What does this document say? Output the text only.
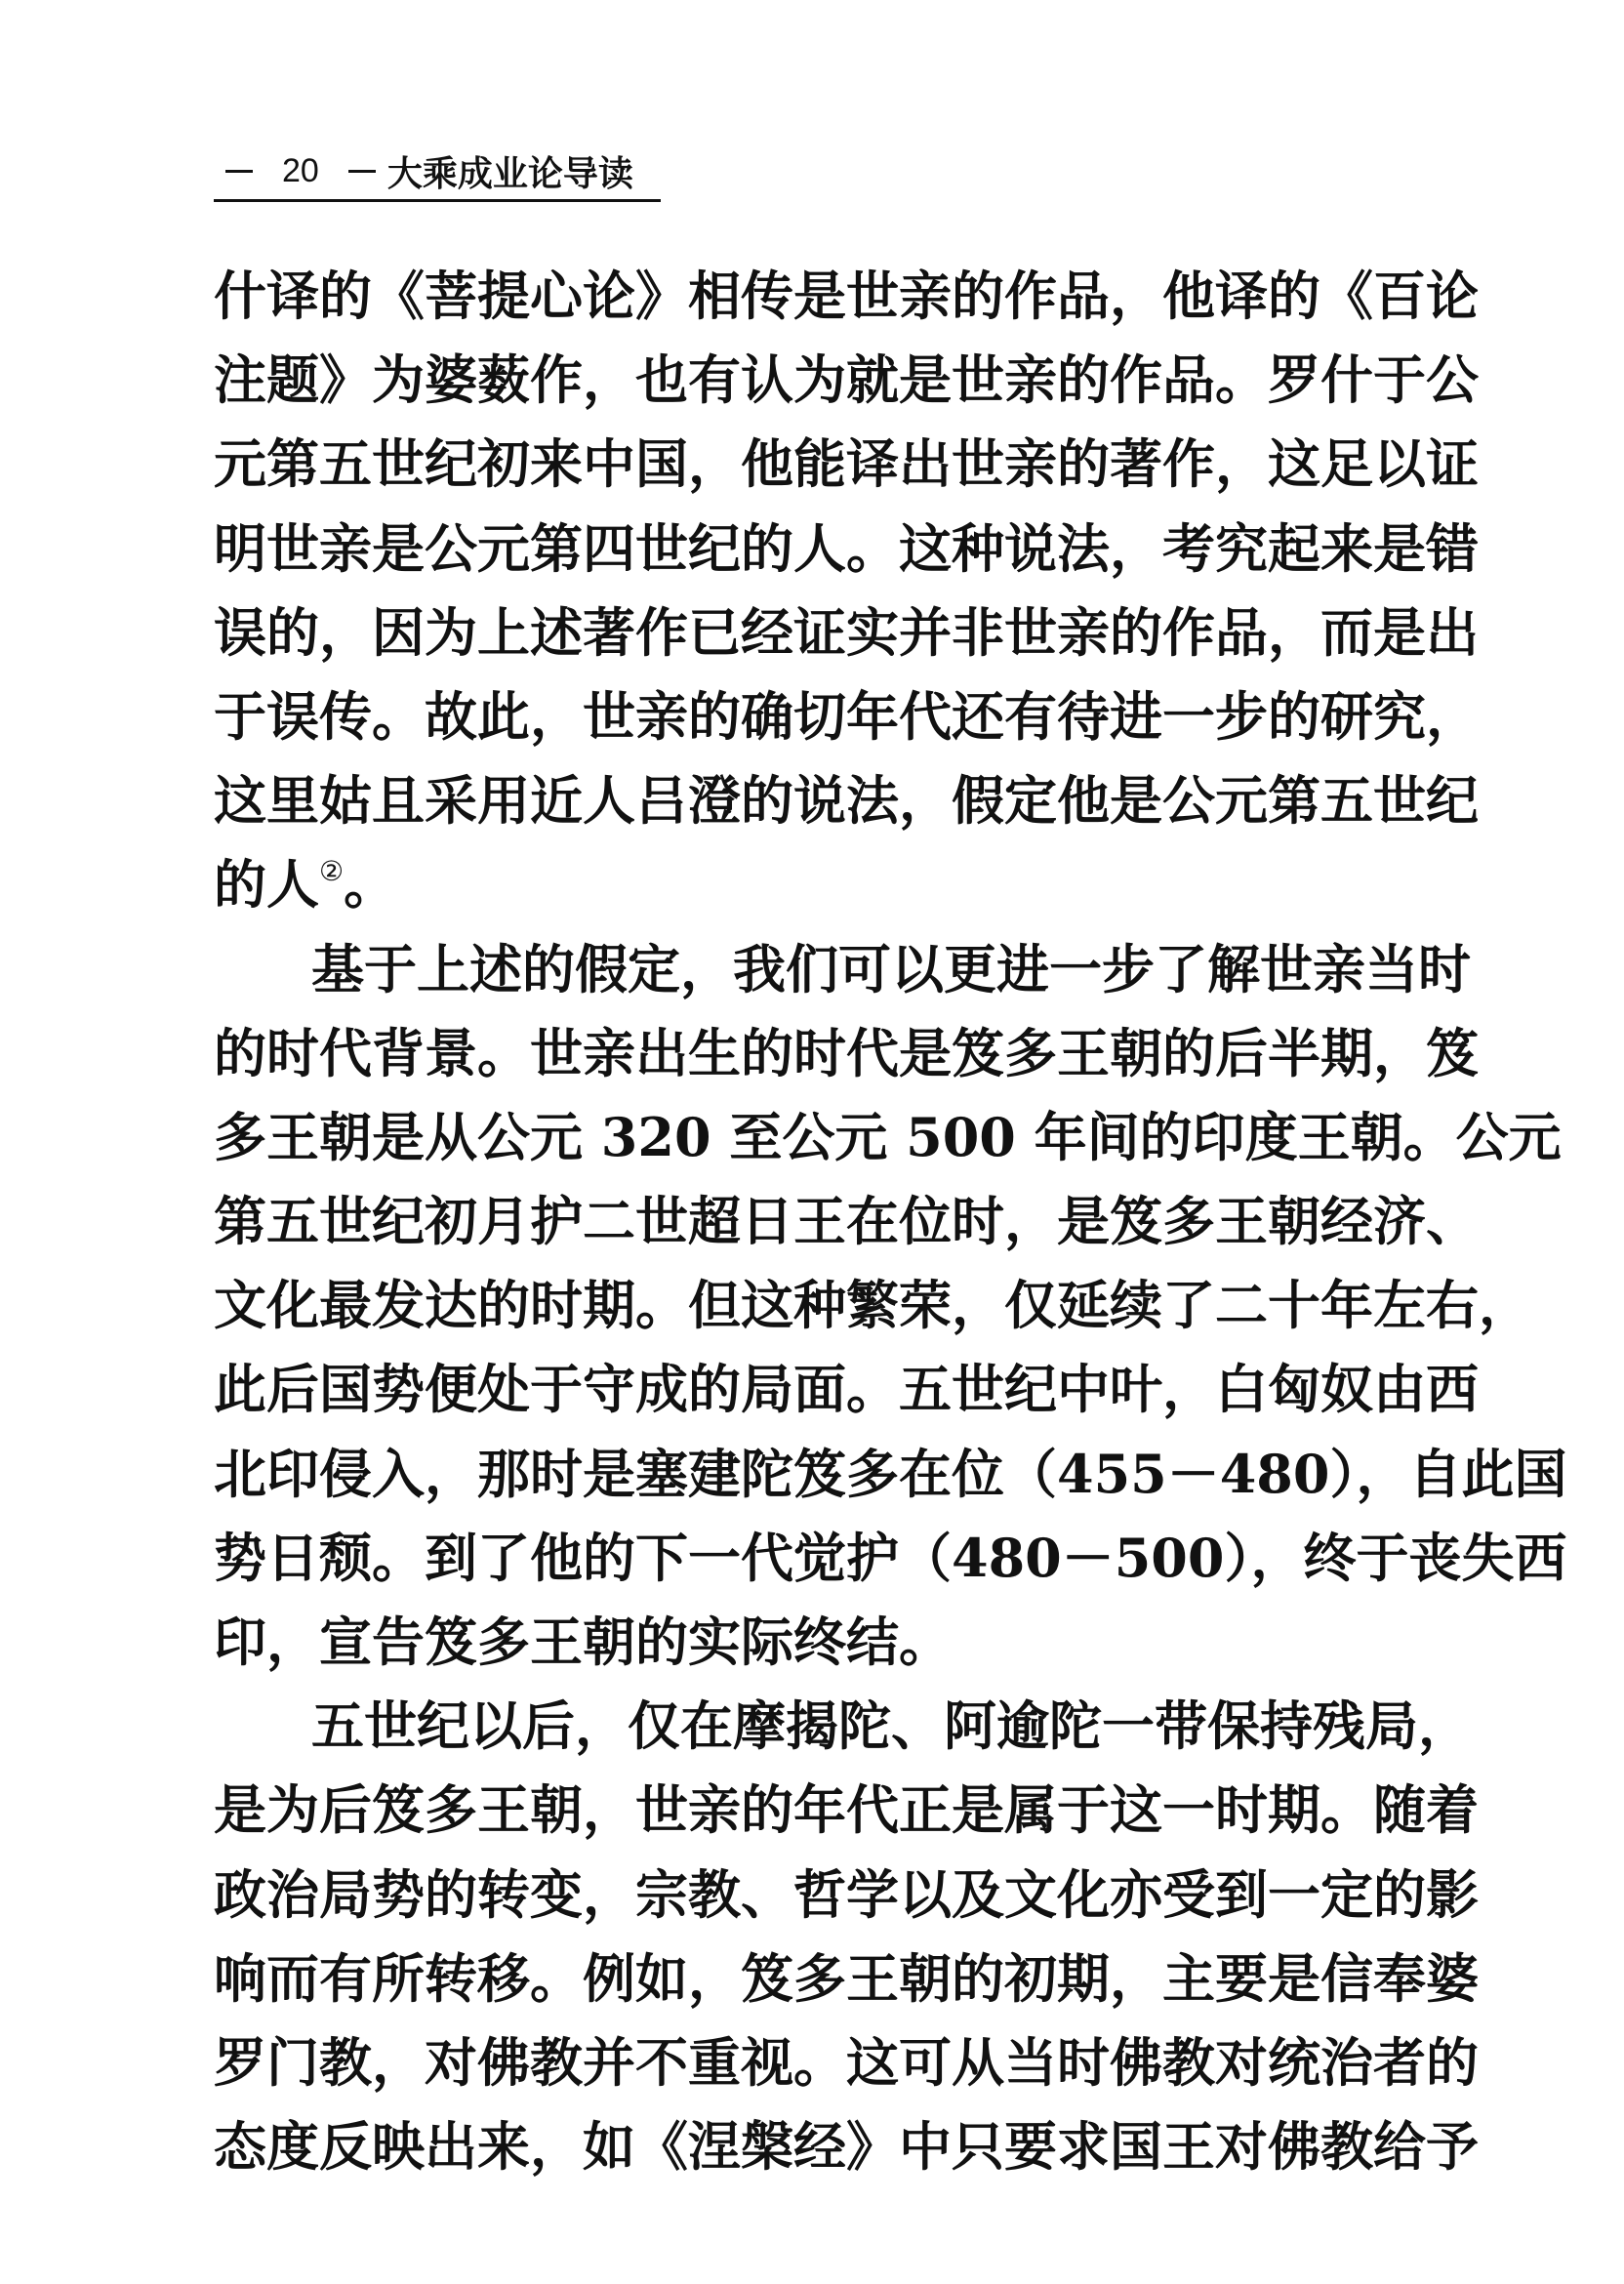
20 大乘成业论导读
什译的《菩提心论》相传是世亲的作品，他译的《百论
注题》为婆薮作，也有认为就是世亲的作品。罗什于公
元第五世纪初来中国，他能译出世亲的著作，这足以证
明世亲是公元第四世纪的人。这种说法，考究起来是错
误的，因为上述著作已经证实并非世亲的作品，而是出
于误传。故此，世亲的确切年代还有待进一步的研究，
这里姑且采用近人吕澄的说法，假定他是公元第五世纪
的人②。
基于上述的假定，我们可以更进一步了解世亲当时
的时代背景。世亲出生的时代是笈多王朝的后半期，笈
多王朝是从公元 320 至公元 500 年间的印度王朝。公元
第五世纪初月护二世超日王在位时，是笈多王朝经济、
文化最发达的时期。但这种繁荣，仅延续了二十年左右，
此后国势便处于守成的局面。五世纪中叶，白匈奴由西
北印侵入，那时是塞建陀笈多在位（455－480），自此国
势日颓。到了他的下一代觉护（480－500），终于丧失西
印，宣告笈多王朝的实际终结。
五世纪以后，仅在摩揭陀、阿逾陀一带保持残局，
是为后笈多王朝，世亲的年代正是属于这一时期。随着
政治局势的转变，宗教、哲学以及文化亦受到一定的影
响而有所转移。例如，笈多王朝的初期，主要是信奉婆
罗门教，对佛教并不重视。这可从当时佛教对统治者的
态度反映出来，如《涅槃经》中只要求国王对佛教给予
